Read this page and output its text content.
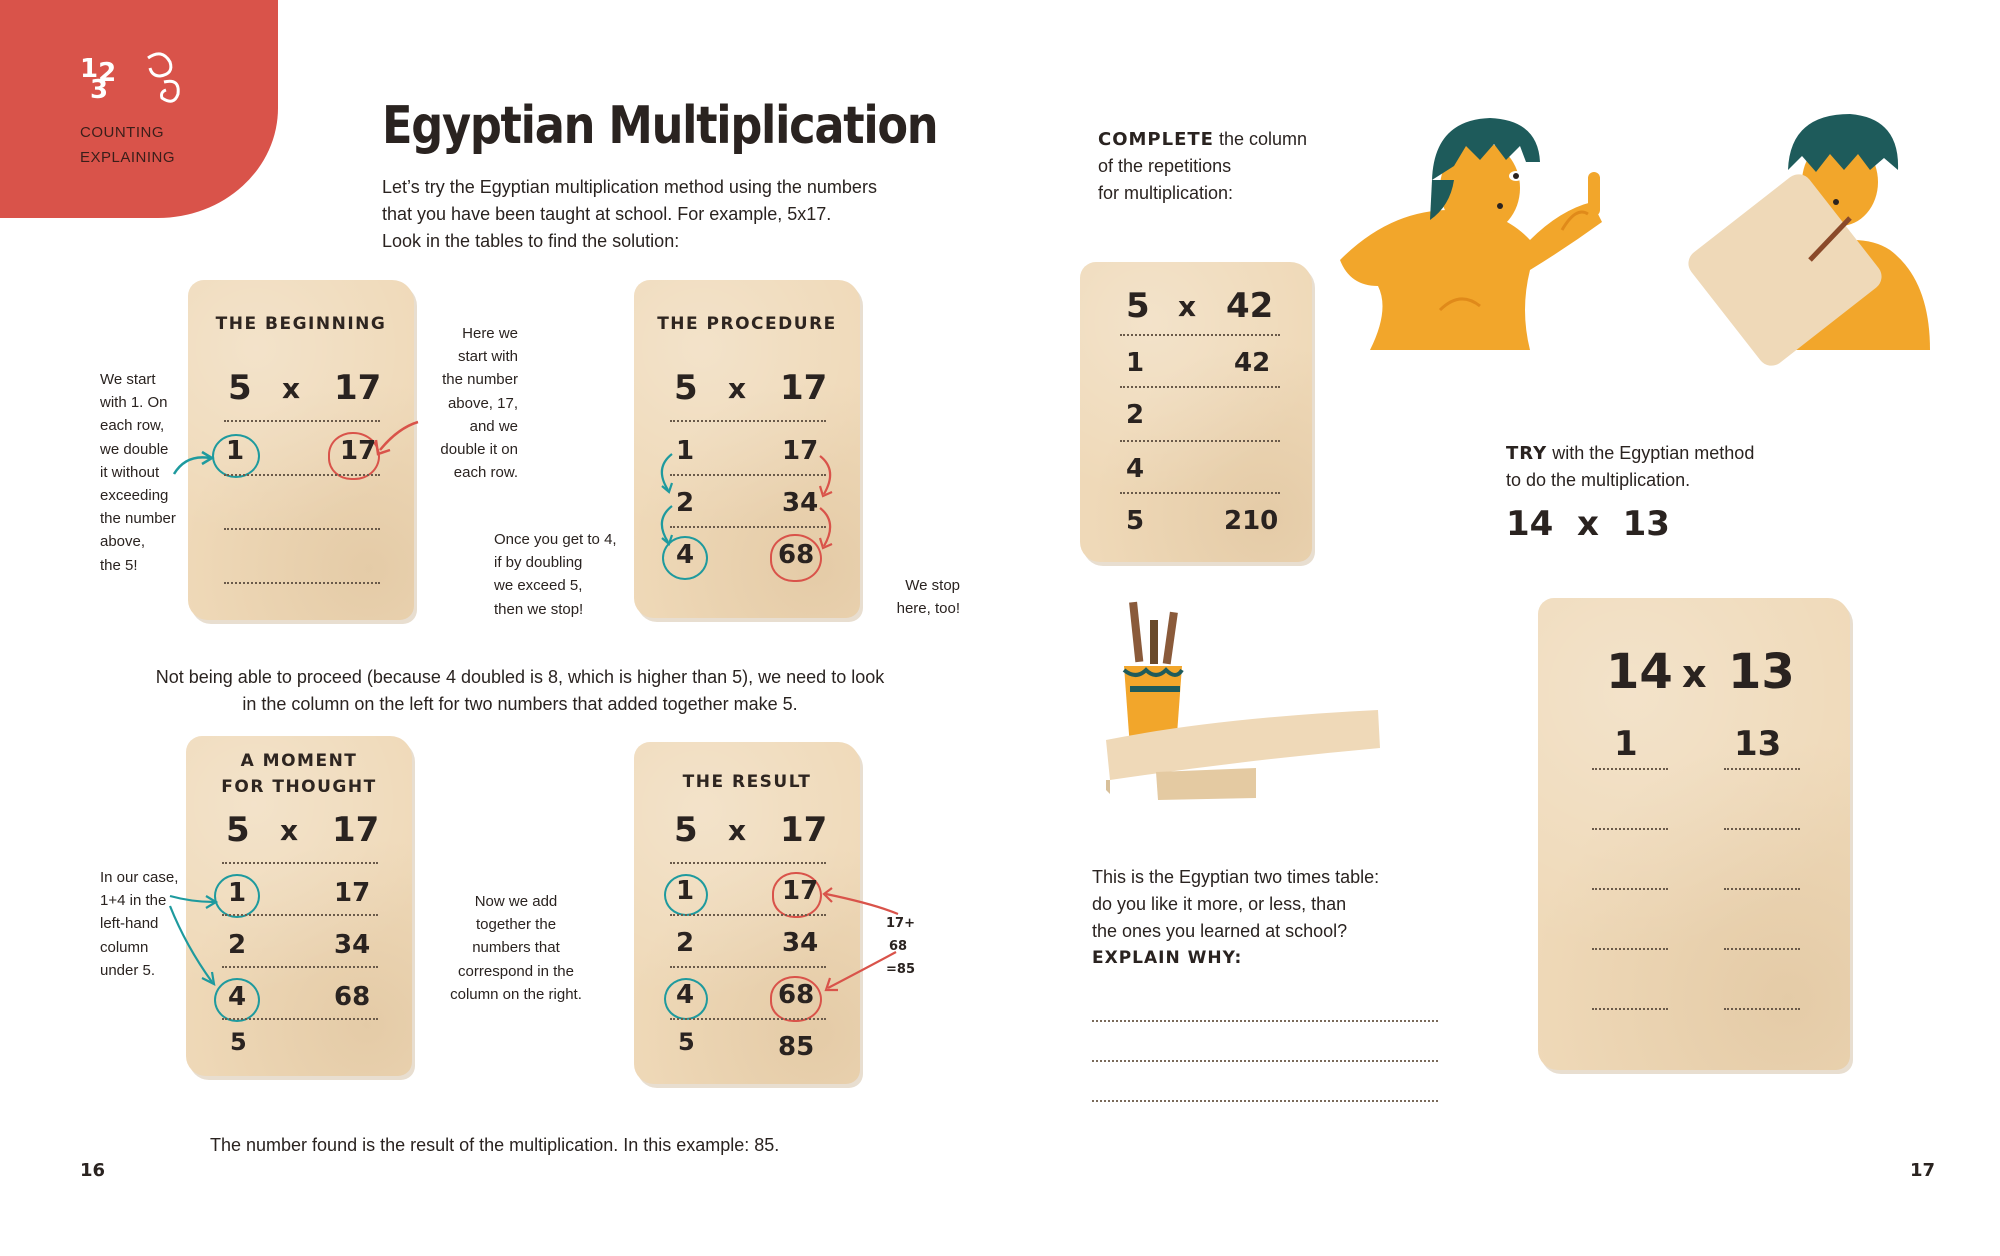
12
3
COUNTING
EXPLAINING
Egyptian Multiplication
Let’s try the Egyptian multiplication method using the numbers
that you have been taught at school. For example, 5x17.
Look in the tables to find the solution:
THE BEGINNING
5 x 17
1	17
We start
with 1. On
each row,
we double
it without
exceeding
the number
above,
the 5!
Here we
start with
the number
above, 17,
and we
double it on
each row.
THE PROCEDURE
5 x 17
1	17
2	34
4	68
Once you get to 4,
if by doubling
we exceed 5,
then we stop!
We stop
here, too!
Not being able to proceed (because 4 doubled is 8, which is higher than 5), we need to look
in the column on the left for two numbers that added together make 5.
A MOMENT
FOR THOUGHT
5 x 17
1	17
2	34
4	68
5
In our case,
1+4 in the
left-hand
column
under 5.
Now we add
together the
numbers that
correspond in the
column on the right.
THE RESULT
5 x 17
1	17
2	34
4	68
5	85
17+
68
=85
The number found is the result of the multiplication. In this example: 85.
16	17
COMPLETE the column
of the repetitions
for multiplication:
5 x 42
1	42
2
4
5	210
TRY with the Egyptian method
to do the multiplication.
14  x  13
14 x 13
1	13
This is the Egyptian two times table:
do you like it more, or less, than
the ones you learned at school?
EXPLAIN WHY:
